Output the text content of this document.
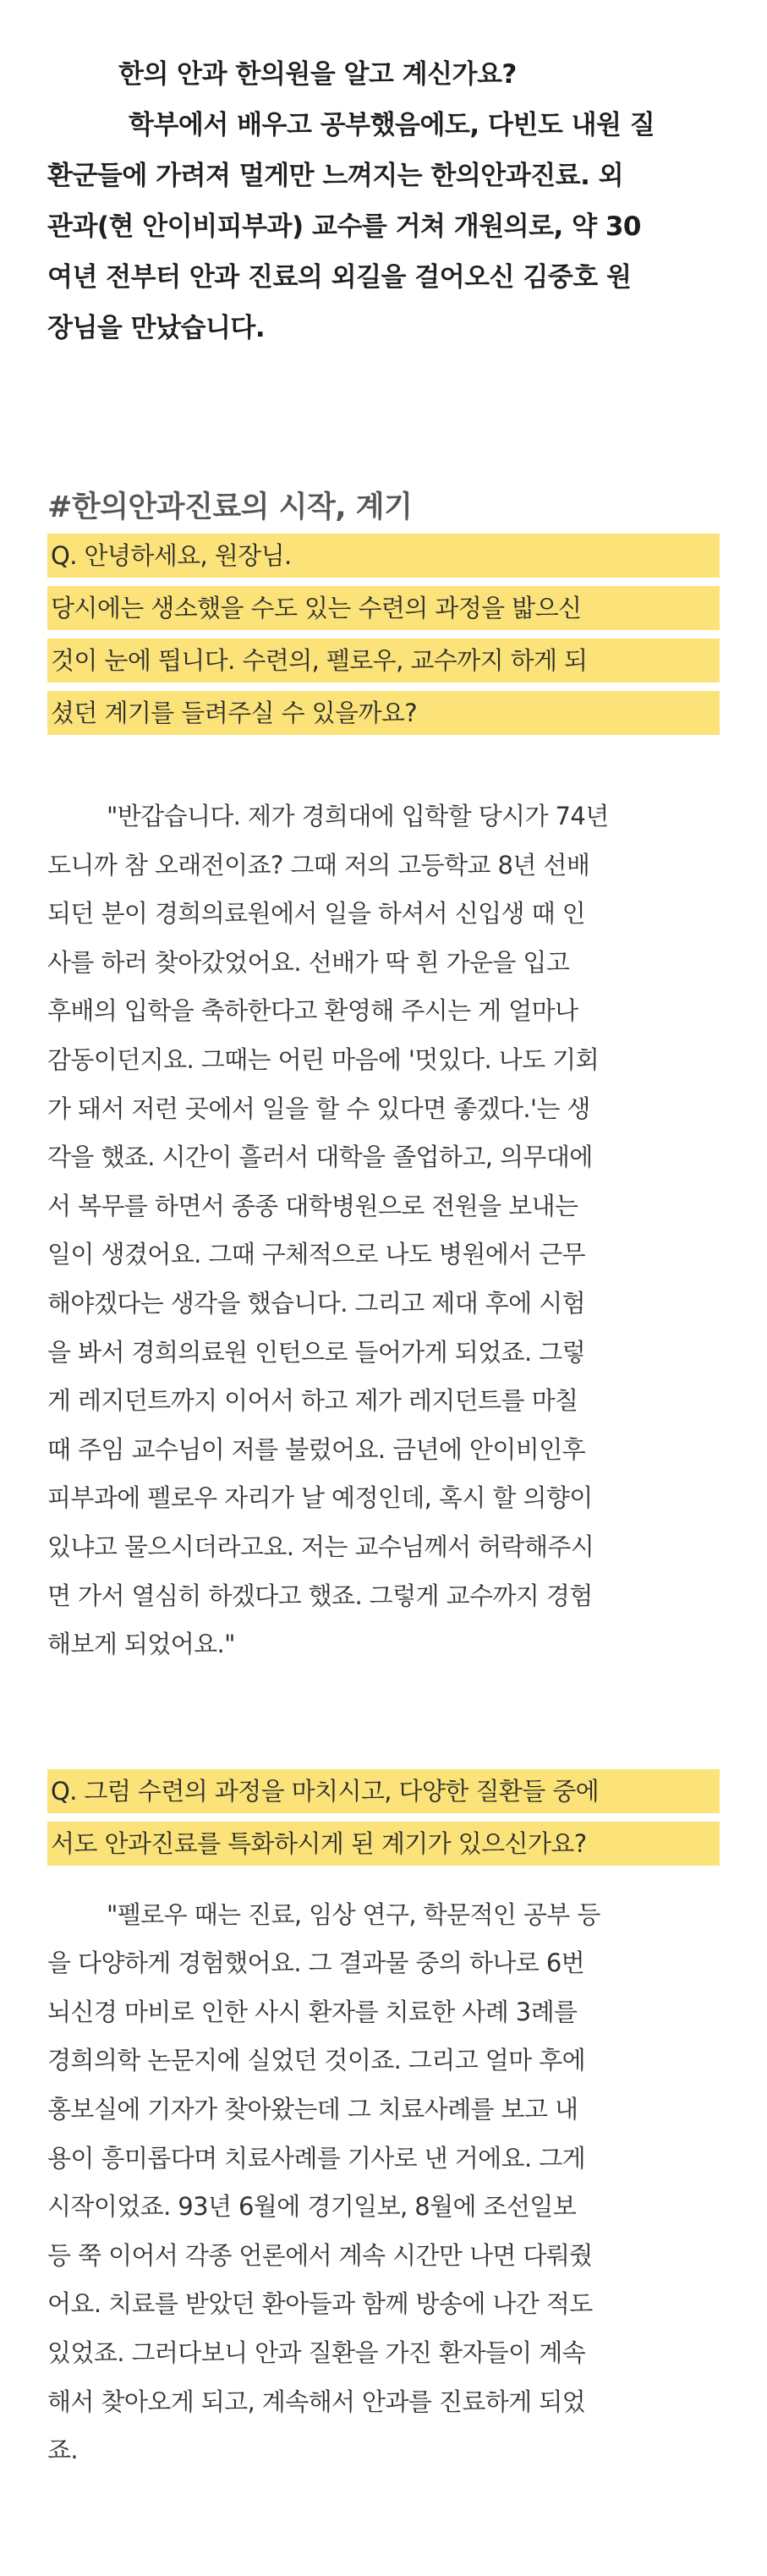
한의 안과 한의원을 알고 계신가요?
학부에서 배우고 공부했음에도, 다빈도 내원 질
환군들에 가려져 멀게만 느껴지는 한의안과진료. 외
관과(현 안이비피부과) 교수를 거쳐 개원의로, 약 30
여년 전부터 안과 진료의 외길을 걸어오신 김중호 원
장님을 만났습니다.
#한의안과진료의 시작, 계기
Q. 안녕하세요, 원장님.
당시에는 생소했을 수도 있는 수련의 과정을 밟으신
것이 눈에 띕니다. 수련의, 펠로우, 교수까지 하게 되
셨던 계기를 들려주실 수 있을까요?
"반갑습니다. 제가 경희대에 입학할 당시가 74년
도니까 참 오래전이죠? 그때 저의 고등학교 8년 선배
되던 분이 경희의료원에서 일을 하셔서 신입생 때 인
사를 하러 찾아갔었어요. 선배가 딱 흰 가운을 입고
후배의 입학을 축하한다고 환영해 주시는 게 얼마나
감동이던지요. 그때는 어린 마음에 '멋있다. 나도 기회
가 돼서 저런 곳에서 일을 할 수 있다면 좋겠다.'는 생
각을 했죠. 시간이 흘러서 대학을 졸업하고, 의무대에
서 복무를 하면서 종종 대학병원으로 전원을 보내는
일이 생겼어요. 그때 구체적으로 나도 병원에서 근무
해야겠다는 생각을 했습니다. 그리고 제대 후에 시험
을 봐서 경희의료원 인턴으로 들어가게 되었죠. 그렇
게 레지던트까지 이어서 하고 제가 레지던트를 마칠
때 주임 교수님이 저를 불렀어요. 금년에 안이비인후
피부과에 펠로우 자리가 날 예정인데, 혹시 할 의향이
있냐고 물으시더라고요. 저는 교수님께서 허락해주시
면 가서 열심히 하겠다고 했죠. 그렇게 교수까지 경험
해보게 되었어요."
Q. 그럼 수련의 과정을 마치시고, 다양한 질환들 중에
서도 안과진료를 특화하시게 된 계기가 있으신가요?
"펠로우 때는 진료, 임상 연구, 학문적인 공부 등
을 다양하게 경험했어요. 그 결과물 중의 하나로 6번
뇌신경 마비로 인한 사시 환자를 치료한 사례 3례를
경희의학 논문지에 실었던 것이죠. 그리고 얼마 후에
홍보실에 기자가 찾아왔는데 그 치료사례를 보고 내
용이 흥미롭다며 치료사례를 기사로 낸 거에요. 그게
시작이었죠. 93년 6월에 경기일보, 8월에 조선일보
등 쭉 이어서 각종 언론에서 계속 시간만 나면 다뤄줬
어요. 치료를 받았던 환아들과 함께 방송에 나간 적도
있었죠. 그러다보니 안과 질환을 가진 환자들이 계속
해서 찾아오게 되고, 계속해서 안과를 진료하게 되었
죠.
